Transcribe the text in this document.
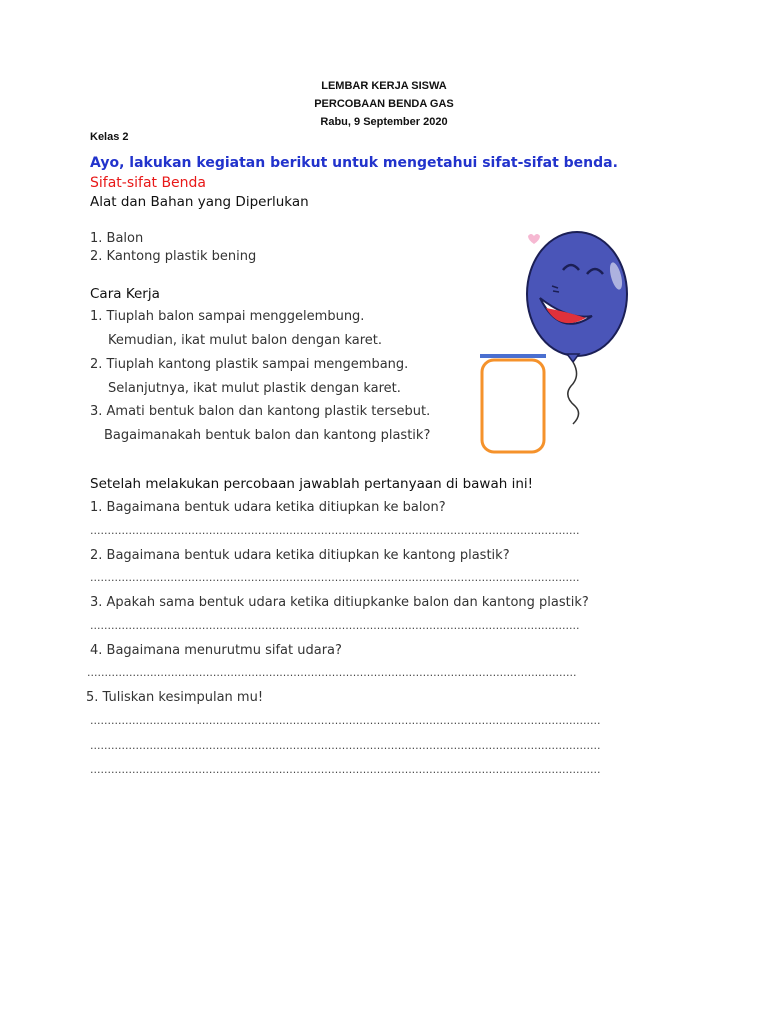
LEMBAR KERJA SISWA
PERCOBAAN BENDA GAS
Rabu, 9 September 2020
Kelas 2
Ayo, lakukan kegiatan berikut untuk mengetahui sifat-sifat benda.
Sifat-sifat Benda
Alat dan Bahan yang Diperlukan
1. Balon
2. Kantong plastik bening
Cara Kerja
1. Tiuplah balon sampai menggelembung.
Kemudian, ikat mulut balon dengan karet.
2. Tiuplah kantong plastik sampai mengembang.
Selanjutnya, ikat mulut plastik dengan karet.
3. Amati bentuk balon dan kantong plastik tersebut.
Bagaimanakah bentuk balon dan kantong plastik?
Setelah melakukan percobaan jawablah pertanyaan di bawah ini!
1. Bagaimana bentuk udara ketika ditiupkan ke balon?
............................................................................................................................................
2. Bagaimana bentuk udara ketika ditiupkan ke kantong plastik?
............................................................................................................................................
3. Apakah sama bentuk udara ketika ditiupkanke balon dan kantong plastik?
............................................................................................................................................
4. Bagaimana menurutmu sifat udara?
............................................................................................................................................
5. Tuliskan kesimpulan mu!
..................................................................................................................................................
..................................................................................................................................................
..................................................................................................................................................
